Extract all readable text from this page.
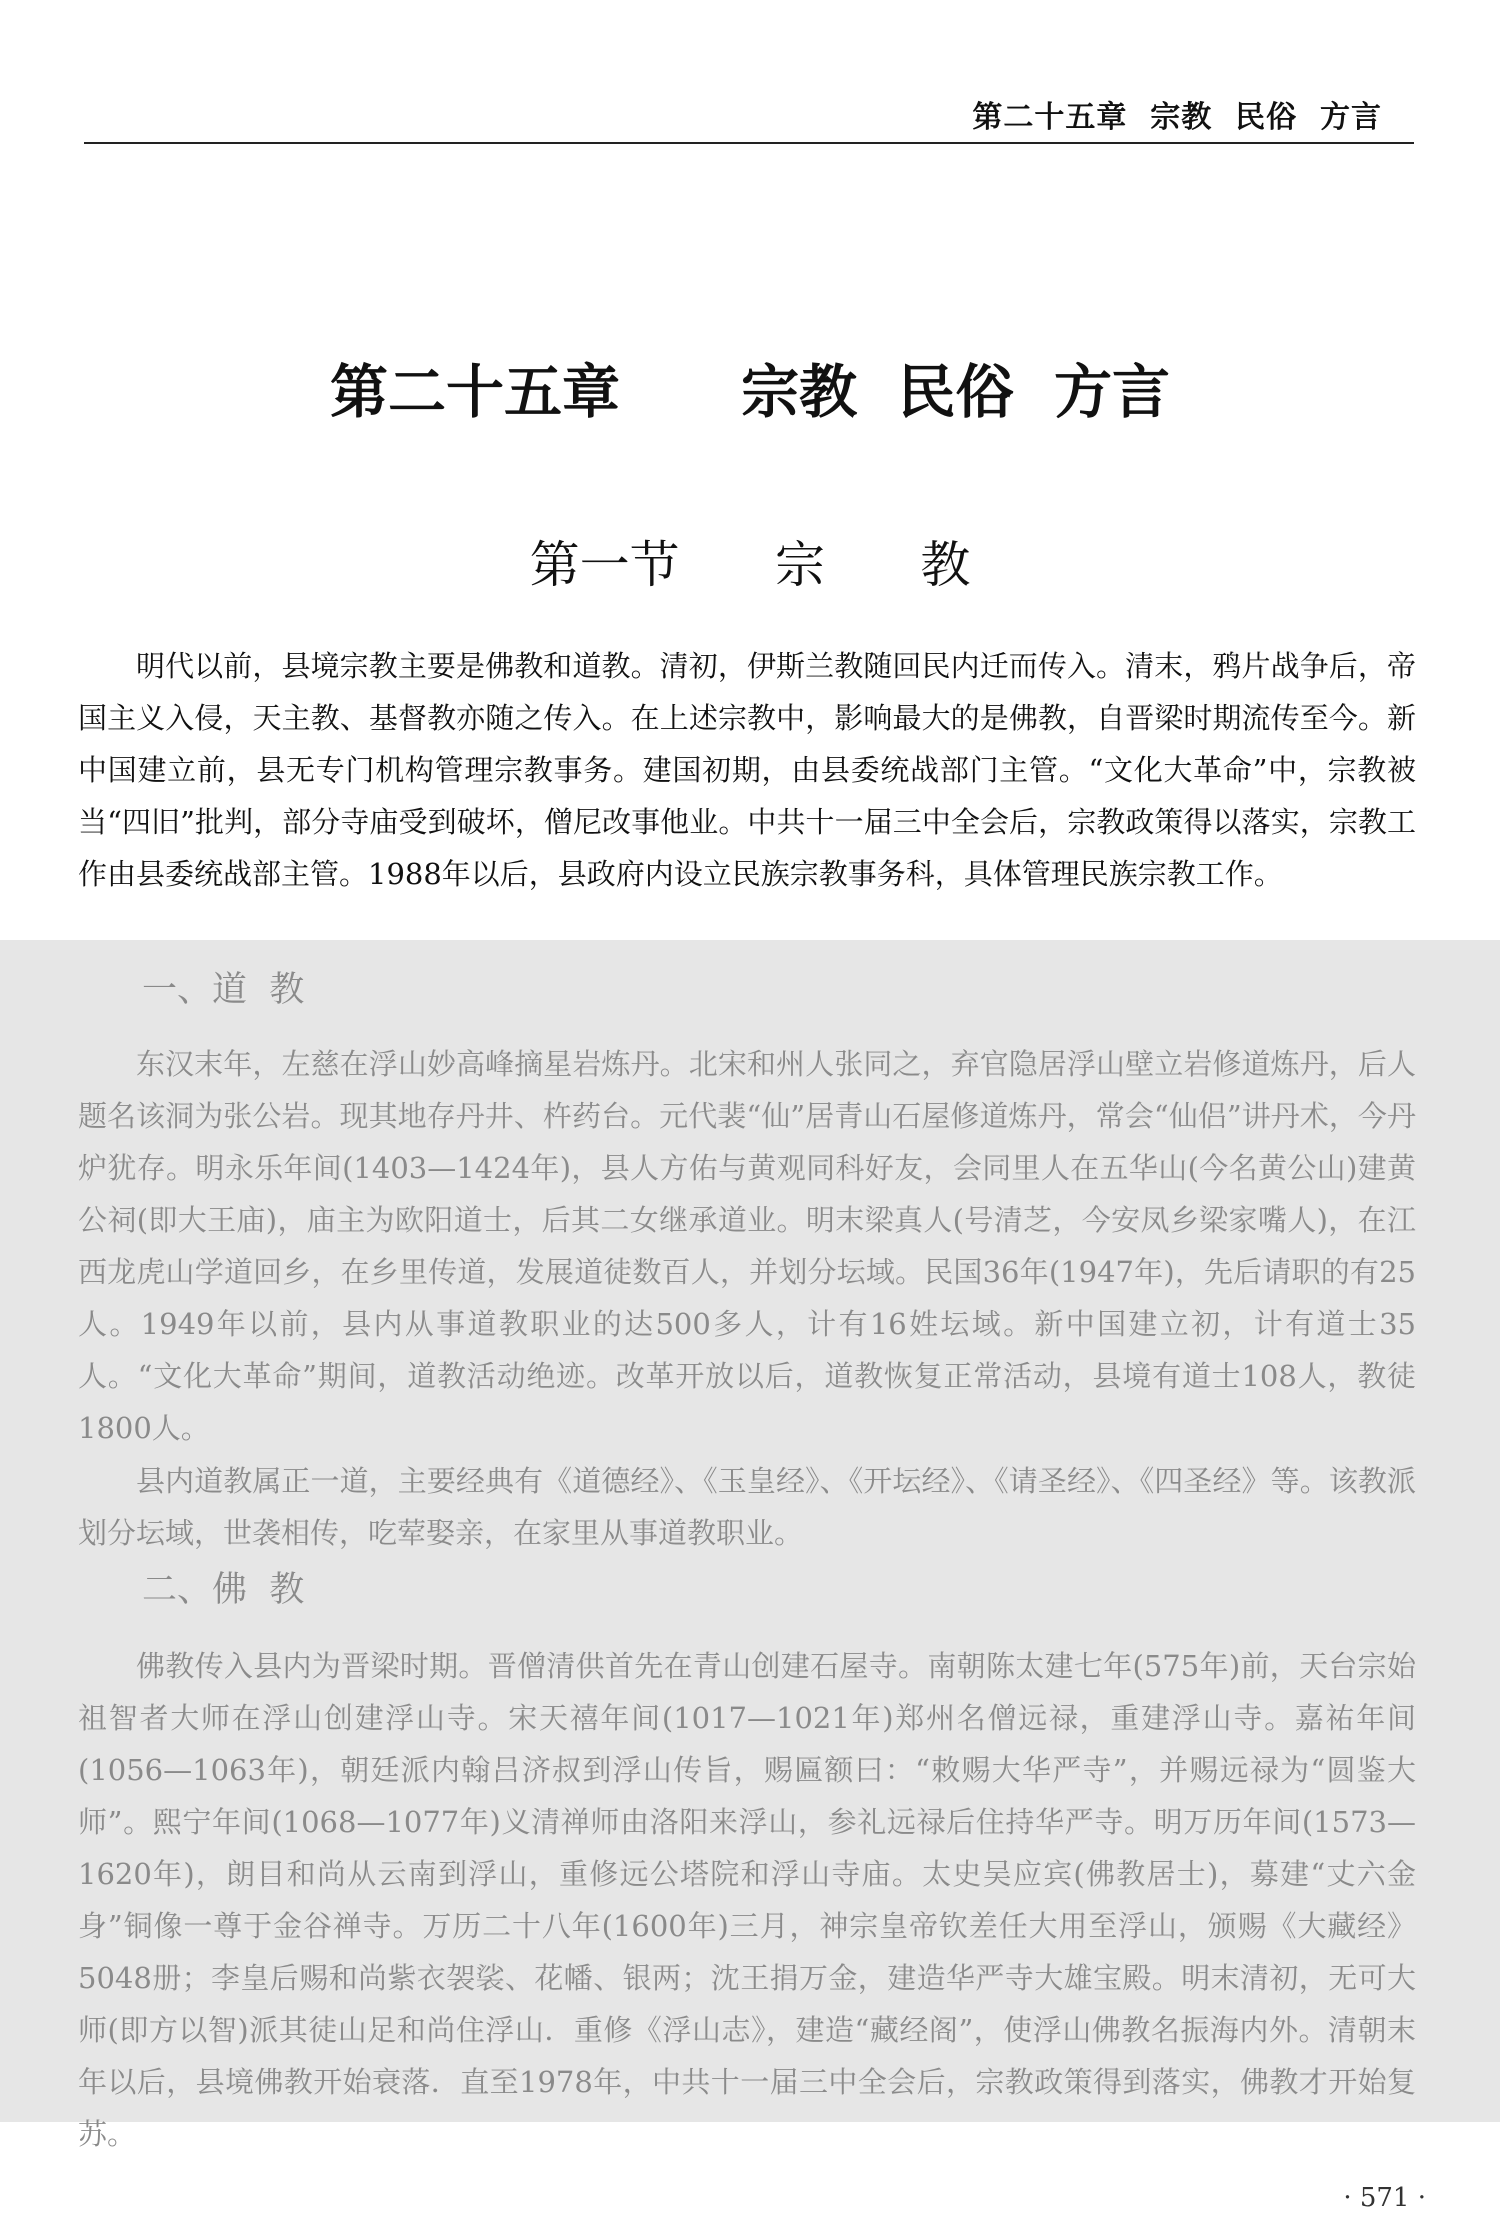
第二十五章  宗教  民俗  方言
第二十五章      宗教  民俗  方言
第一节      宗      教

明代以前，县境宗教主要是佛教和道教。清初，伊斯兰教随回民内迁而传入。清末，鸦片战争后，帝国主义入侵，天主教、基督教亦随之传入。在上述宗教中，影响最大的是佛教，自晋梁时期流传至今。新中国建立前，县无专门机构管理宗教事务。建国初期，由县委统战部门主管。“文化大革命”中，宗教被当“四旧”批判，部分寺庙受到破坏，僧尼改事他业。中共十一届三中全会后，宗教政策得以落实，宗教工作由县委统战部主管。1988年以后，县政府内设立民族宗教事务科，具体管理民族宗教工作。

一、道  教

东汉末年，左慈在浮山妙高峰摘星岩炼丹。北宋和州人张同之，弃官隐居浮山壁立岩修道炼丹，后人题名该洞为张公岩。现其地存丹井、杵药台。元代裴“仙”居青山石屋修道炼丹，常会“仙侣”讲丹术，今丹炉犹存。明永乐年间(1403—1424年)，县人方佑与黄观同科好友，会同里人在五华山(今名黄公山)建黄公祠(即大王庙)，庙主为欧阳道士，后其二女继承道业。明末梁真人(号清芝，今安凤乡梁家嘴人)，在江西龙虎山学道回乡，在乡里传道，发展道徒数百人，并划分坛域。民国36年(1947年)，先后请职的有25人。1949年以前，县内从事道教职业的达500多人，计有16姓坛域。新中国建立初，计有道士35人。“文化大革命”期间，道教活动绝迹。改革开放以后，道教恢复正常活动，县境有道士108人，教徒1800人。

县内道教属正一道，主要经典有《道德经》、《玉皇经》、《开坛经》、《请圣经》、《四圣经》等。该教派划分坛域，世袭相传，吃荤娶亲，在家里从事道教职业。

二、佛  教

佛教传入县内为晋梁时期。晋僧清供首先在青山创建石屋寺。南朝陈太建七年(575年)前，天台宗始祖智者大师在浮山创建浮山寺。宋天禧年间(1017—1021年)郑州名僧远禄，重建浮山寺。嘉祐年间(1056—1063年)，朝廷派内翰吕济叔到浮山传旨，赐匾额曰：“敕赐大华严寺”，并赐远禄为“圆鉴大师”。熙宁年间(1068—1077年)义清禅师由洛阳来浮山，参礼远禄后住持华严寺。明万历年间(1573—1620年)，朗目和尚从云南到浮山，重修远公塔院和浮山寺庙。太史吴应宾(佛教居士)，募建“丈六金身”铜像一尊于金谷禅寺。万历二十八年(1600年)三月，神宗皇帝钦差任大用至浮山，颁赐《大藏经》5048册；李皇后赐和尚紫衣袈裟、花幡、银两；沈王捐万金，建造华严寺大雄宝殿。明末清初，无可大师(即方以智)派其徒山足和尚住浮山．重修《浮山志》，建造“藏经阁”，使浮山佛教名振海内外。清朝末年以后，县境佛教开始衰落．直至1978年，中共十一届三中全会后，宗教政策得到落实，佛教才开始复苏。

· 571 ·
